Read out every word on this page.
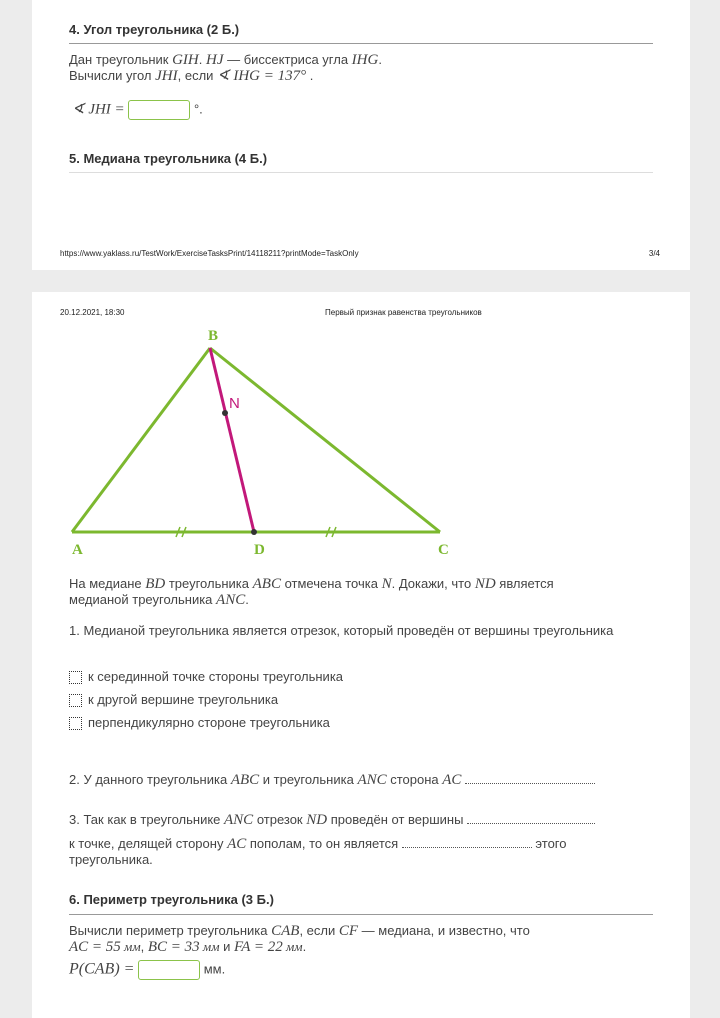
4. Угол треугольника (2 Б.)
Дан треугольник GIH. HJ — биссектриса угла IHG.
Вычисли угол JHI, если ∢ IHG = 137° .
∢ JHI =	°.
5. Медиана треугольника (4 Б.)
https://www.yaklass.ru/TestWork/ExerciseTasksPrint/14118211?printMode=TaskOnly	3/4
20.12.2021, 18:30	Первый признак равенства треугольников
B
N
A	D	C
На медиане BD треугольника ABC отмечена точка N. Докажи, что ND является
медианой треугольника ANC.
1. Медианой треугольника является отрезок, который проведён от вершины треугольника
к серединной точке стороны треугольника
к другой вершине треугольника
перпендикулярно стороне треугольника
2. У данного треугольника ABC и треугольника ANC сторона AC
3. Так как в треугольнике ANC отрезок ND проведён от вершины
к точке, делящей сторону AC пополам, то он является	этого
треугольника.
6. Периметр треугольника (3 Б.)
Вычисли периметр треугольника CAB, если CF — медиана, и известно, что
AC = 55 мм, BC = 33 мм и FA = 22 мм.
P(CAB) =	мм.
